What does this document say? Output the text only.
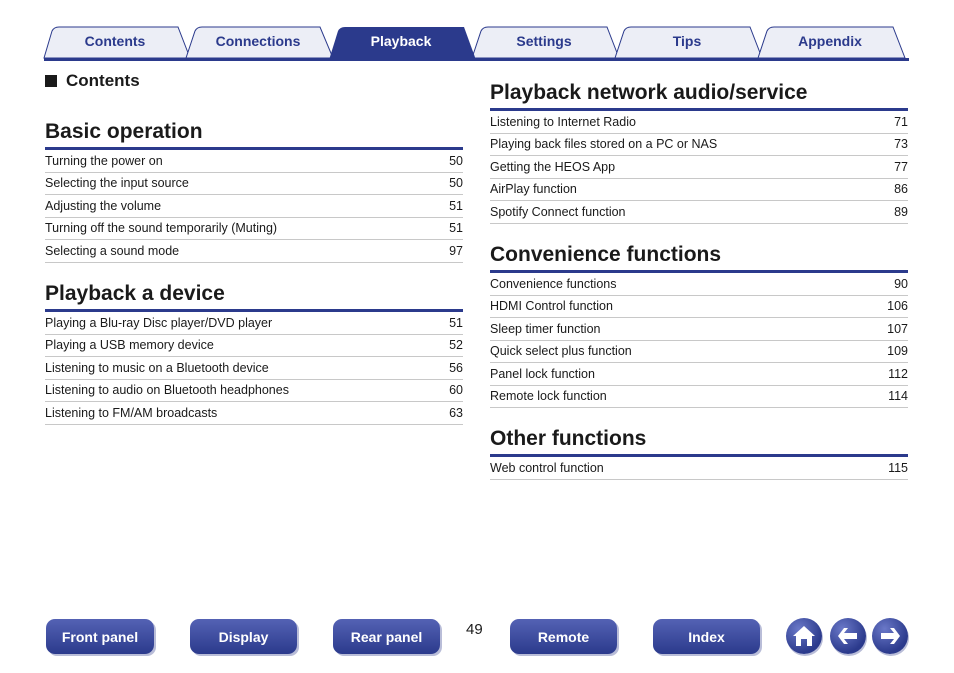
Contents	Connections	Playback	Settings	Tips	Appendix
Contents
Basic operation
Turning the power on	50
Selecting the input source	50
Adjusting the volume	51
Turning off the sound temporarily (Muting)	51
Selecting a sound mode	97
Playback a device
Playing a Blu-ray Disc player/DVD player	51
Playing a USB memory device	52
Listening to music on a Bluetooth device	56
Listening to audio on Bluetooth headphones	60
Listening to FM/AM broadcasts	63
Playback network audio/service
Listening to Internet Radio	71
Playing back files stored on a PC or NAS	73
Getting the HEOS App	77
AirPlay function	86
Spotify Connect function	89
Convenience functions
Convenience functions	90
HDMI Control function	106
Sleep timer function	107
Quick select plus function	109
Panel lock function	112
Remote lock function	114
Other functions
Web control function	115
Front panel	Display	Rear panel	49	Remote	Index
